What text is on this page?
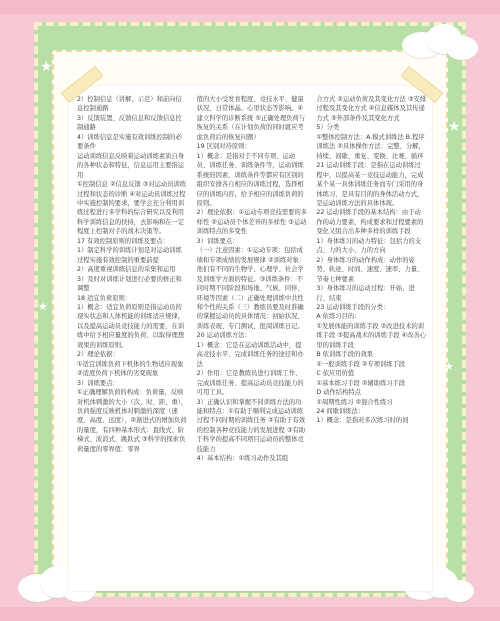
★
★
★
★
2）控制信息（讲解、示范）和前向信息控制通路
3）反馈装置、反馈信息和反馈信息控制通路
4）训练信息是实施有效训练控制的必要条件
运动训练信息反映着运动训练素质自身的各种状态和特征，信息运用主要指运用
①控制信息 ②信息反馈 ③对运动员训练过程和状态的诊断 ④对运动员训练过程中实施控制的要求，要学会充分利用训练过程进行多学科的综合研究以及利用科学训练信息的扶持，去影响和在一定程度上控制对手的战术决策等。
17 有效控制原则的训练及要点：
1）制定科学的训练计划是对运动训练过程实施有效控制的重要前提
2）高度重视训练信息的采集和运用
3）及时对训练计划进行必要的修正和调整
18 适宜负荷原则：
1）概念：适宜负荷原则是指运动员的现实状态和人体机能的训练适应规律，以及提高运动员竞技能力的需要，在训练中给予相应量度的负荷，以取得理想效果的训练原则。
2）理论依据：
①适宜训练负荷下机体的生物适应现象 ②适度负荷下机体的劣变现象
3）训练要点：
①正确理解负荷的构成：负荷量，反映对机体刺激的大小（次、时、距、重），负荷强度反映机体对刺激的深度（速度、高度、远度），②渐进式的增加负荷的量度，有四种基本形式：直线式、阶梯式、波浪式、跳跃式 ③科学的探索负荷量度的零界值：零界
值的大小受发育程度、竞技水平、健康状况、日常体晶、心里状态等影响。④建立科学的诊断系统 ⑤正确处理负荷与恢复的关系（在计划负荷的同时就应考虑负荷后的恢复问题）
19 区别对待原则：
1）概念：是指对于不同专项、运动员、训练任务、训练条件等，运动训练系统的因素，训练条件等都应有区别的组织安排各自相应的训练过程，选择相应的训练内容，给予相应的训练负荷的原则。
2）理论依据：①运动专项竞技需要的多样性 ②运动员个体差异的多样性 ③运动训练特点的多变性
3）训练要点：
（一）注意因素：①运动专项：包括成绩和专项成绩的发展规律 ②训练对象：他们有不同的生物学、心理学、社会学及训练学方面的特征。③训练条件：不同时期不同阶段和场地、气候、同伴、环境等因素（二）正确处理训练中共性和个性的关系（三）教练员要及时准确的掌握运动员的具体情况：初始状况、训练表现、专门测试、批阅训练日记。
20 运动训练方法：
1）概念：它是在运动训练活动中，提高竞技水平、完成训练任务的途径和办法
2）作用：它是教练员进行训练工作、完成训练任务、提高运动员竞技能力的可用工具。
3）正确认识和掌握不同训练方法的功能和特点：①有助于顺利完成运动训练过程不同时期的训练任务 ②有助于有效的控制各种竞技能力的发展进程 ③有助于科学的提高不同项目运动员的整体竞技能力
4）基本结构：①练习动作及其组
合方式 ②运动负荷及其变化方法 ③安排过程及其变化方式 ④信息媒体及其传递方式 ⑤外部条件及其变化方式
5）分类
①整体控制方法：A.模式训练法 B.程序训练法 ②具体操作方法：完整、分解，持续、间歇、重复、变换、比赛、循环
21 运动训练手段：是指在运动训练过程中，以提高某一竞技运动能力，完成某个某一具体训练任务而专门采用的身体练习，是具有目的的身体活动方式，是运动训练方法的具体体现。
22 运动训练手段的基本结构：由于动作的动力要素，构成要求和过程要素的变化又组合出多种多样的训练手段
1）身体练习的动力特征：包括力的支点、力的大小、力的方向
2）身体练习的动作构成：动作的姿势、轨迹、时间、速度、速率、力量、节奏七种要素
3）身体练习的运动过程：开始、进行、结束
23 运动训练手段的分类：
A 依练习目的：
①发展体能的训练手段 ②改进技术的训练手段 ③提高战术的训练手段 ④改善心里的训练手段
B 依训练手段的效果
①一般训练手段 ②专项训练手段
C 依应用价值
①基本练习手段 ②辅助练习手段
D 动作结构特点
①周期性练习 ②混合性练习
24 间歇训练法：
1）概念：是指对多次练习时的间
